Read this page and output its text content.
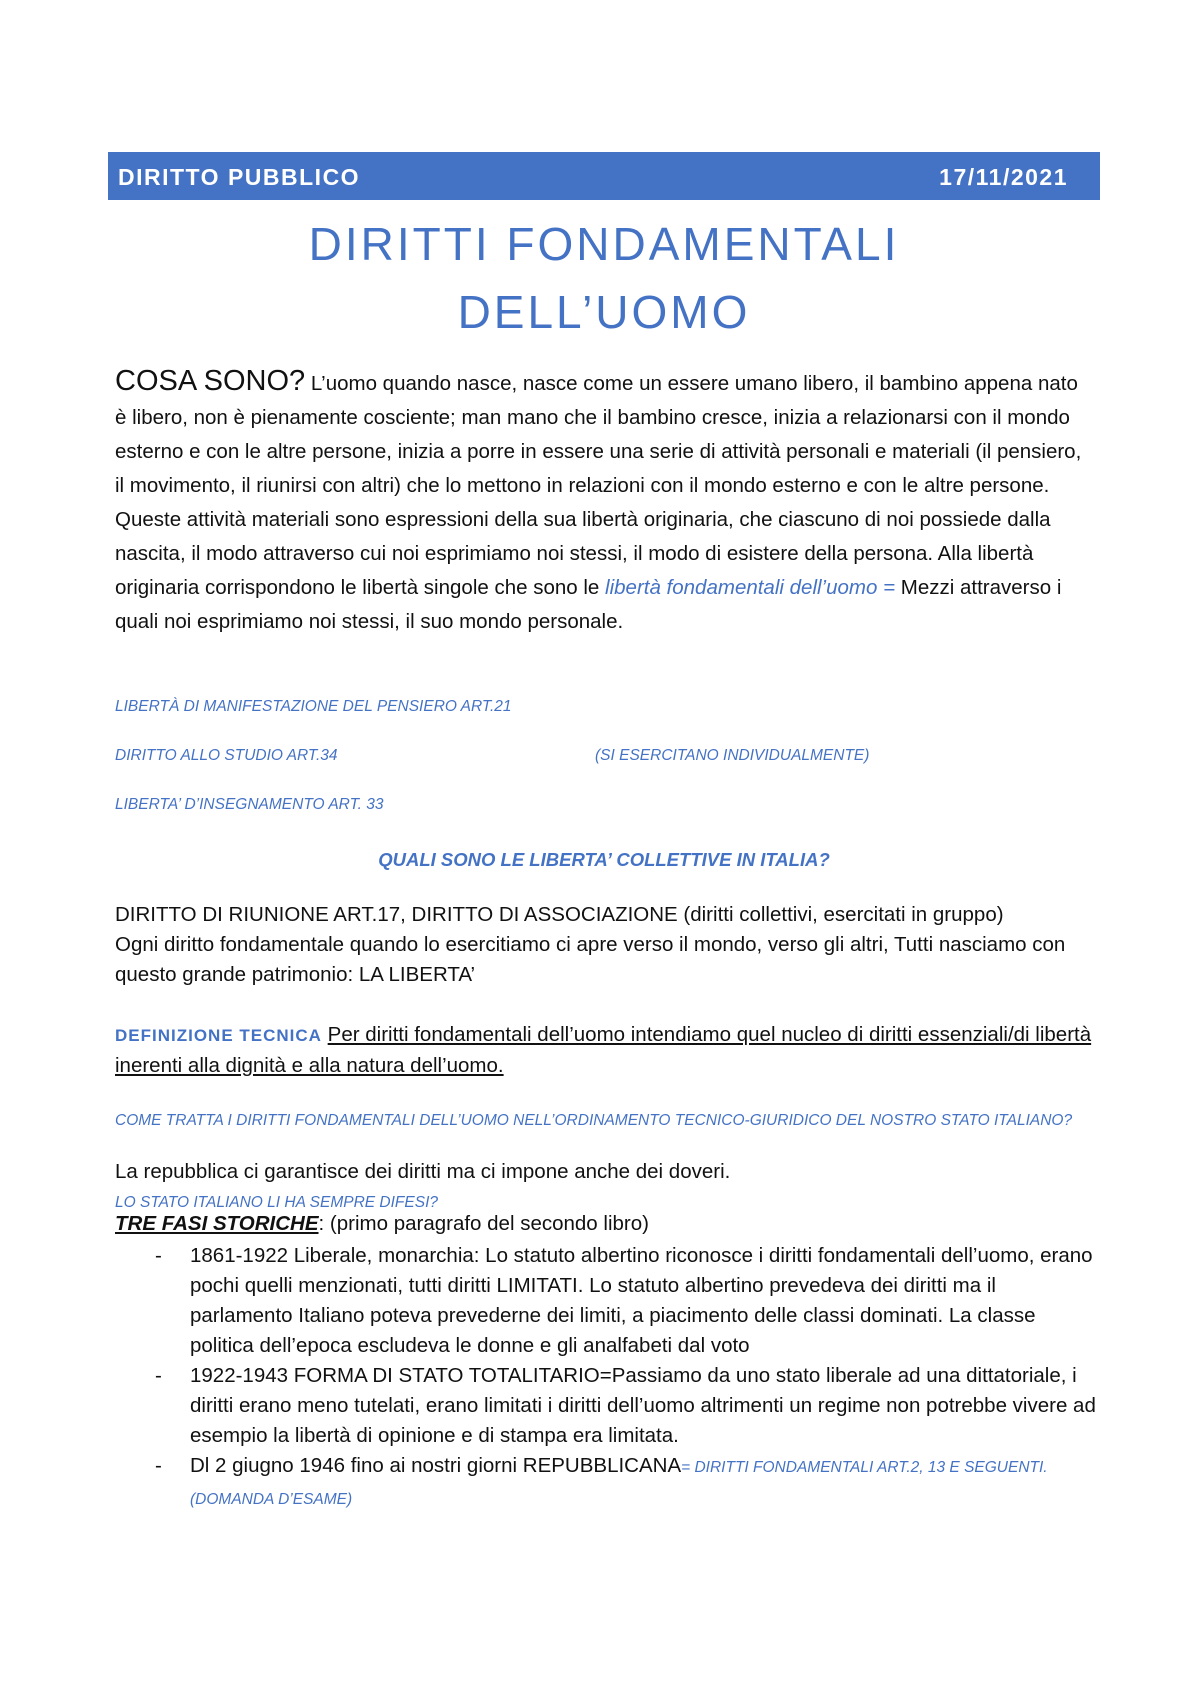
DIRITTO PUBBLICO	17/11/2021
DIRITTI FONDAMENTALI
DELL’UOMO
COSA SONO? L’uomo quando nasce, nasce come un essere umano libero, il bambino appena nato è libero, non è pienamente cosciente; man mano che il bambino cresce, inizia a relazionarsi con il mondo esterno e con le altre persone, inizia a porre in essere una serie di attività personali e materiali (il pensiero, il movimento, il riunirsi con altri) che lo mettono in relazioni con il mondo esterno e con le altre persone. Queste attività materiali sono espressioni della sua libertà originaria, che ciascuno di noi possiede dalla nascita, il modo attraverso cui noi esprimiamo noi stessi, il modo di esistere della persona. Alla libertà originaria corrispondono le libertà singole che sono le libertà fondamentali dell’uomo = Mezzi attraverso i quali noi esprimiamo noi stessi, il suo mondo personale.
LIBERTÀ DI MANIFESTAZIONE DEL PENSIERO ART.21
DIRITTO ALLO STUDIO ART.34	(SI ESERCITANO INDIVIDUALMENTE)
LIBERTA’ D’INSEGNAMENTO ART. 33
QUALI SONO LE LIBERTA’ COLLETTIVE IN ITALIA?
DIRITTO DI RIUNIONE ART.17, DIRITTO DI ASSOCIAZIONE (diritti collettivi, esercitati in gruppo)
Ogni diritto fondamentale quando lo esercitiamo ci apre verso il mondo, verso gli altri, Tutti nasciamo con questo grande patrimonio: LA LIBERTA’
DEFINIZIONE TECNICA Per diritti fondamentali dell’uomo intendiamo quel nucleo di diritti essenziali/di libertà inerenti alla dignità e alla natura dell’uomo.
COME TRATTA I DIRITTI FONDAMENTALI DELL’UOMO NELL’ORDINAMENTO TECNICO-GIURIDICO DEL NOSTRO STATO ITALIANO?
La repubblica ci garantisce dei diritti ma ci impone anche dei doveri.
LO STATO ITALIANO LI HA SEMPRE DIFESI?
TRE FASI STORICHE: (primo paragrafo del secondo libro)
- 1861-1922 Liberale, monarchia: Lo statuto albertino riconosce i diritti fondamentali dell’uomo, erano pochi quelli menzionati, tutti diritti LIMITATI. Lo statuto albertino prevedeva dei diritti ma il parlamento Italiano poteva prevederne dei limiti, a piacimento delle classi dominati. La classe politica dell’epoca escludeva le donne e gli analfabeti dal voto
- 1922-1943 FORMA DI STATO TOTALITARIO=Passiamo da uno stato liberale ad una dittatoriale, i diritti erano meno tutelati, erano limitati i diritti dell’uomo altrimenti un regime non potrebbe vivere ad esempio la libertà di opinione e di stampa era limitata.
- Dl 2 giugno 1946 fino ai nostri giorni REPUBBLICANA= DIRITTI FONDAMENTALI ART.2, 13 E SEGUENTI. (DOMANDA D’ESAME)
